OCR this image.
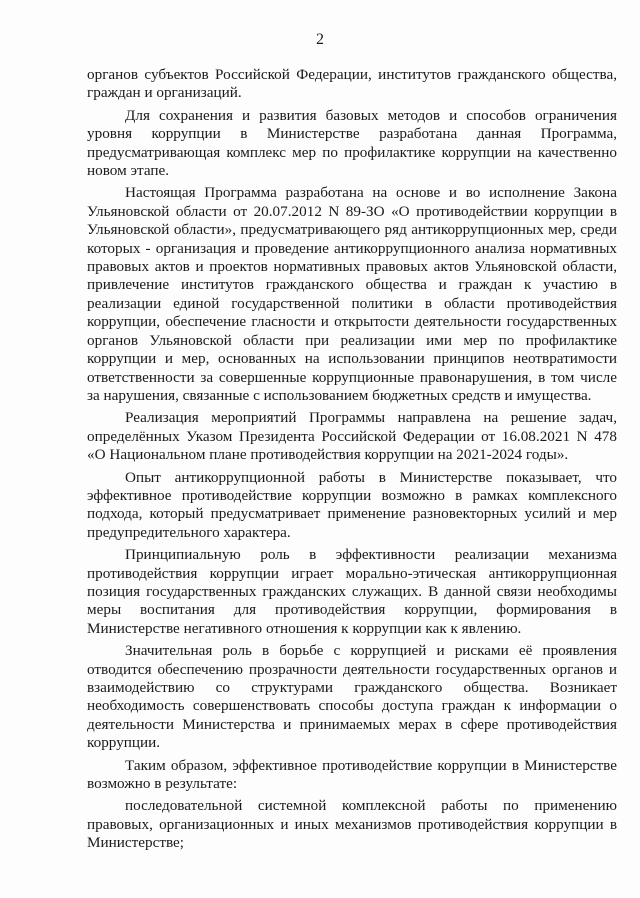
2

органов субъектов Российской Федерации, институтов гражданского общества, граждан и организаций.

Для сохранения и развития базовых методов и способов ограничения уровня коррупции в Министерстве разработана данная Программа, предусматривающая комплекс мер по профилактике коррупции на качественно новом этапе.

Настоящая Программа разработана на основе и во исполнение Закона Ульяновской области от 20.07.2012 N 89-ЗО «О противодействии коррупции в Ульяновской области», предусматривающего ряд антикоррупционных мер, среди которых - организация и проведение антикоррупционного анализа нормативных правовых актов и проектов нормативных правовых актов Ульяновской области, привлечение институтов гражданского общества и граждан к участию в реализации единой государственной политики в области противодействия коррупции, обеспечение гласности и открытости деятельности государственных органов Ульяновской области при реализации ими мер по профилактике коррупции и мер, основанных на использовании принципов неотвратимости ответственности за совершенные коррупционные правонарушения, в том числе за нарушения, связанные с использованием бюджетных средств и имущества.

Реализация мероприятий Программы направлена на решение задач, определённых Указом Президента Российской Федерации от 16.08.2021 N 478 «О Национальном плане противодействия коррупции на 2021-2024 годы».

Опыт антикоррупционной работы в Министерстве показывает, что эффективное противодействие коррупции возможно в рамках комплексного подхода, который предусматривает применение разновекторных усилий и мер предупредительного характера.

Принципиальную роль в эффективности реализации механизма противодействия коррупции играет морально-этическая антикоррупционная позиция государственных гражданских служащих. В данной связи необходимы меры воспитания для противодействия коррупции, формирования в Министерстве негативного отношения к коррупции как к явлению.

Значительная роль в борьбе с коррупцией и рисками её проявления отводится обеспечению прозрачности деятельности государственных органов и взаимодействию со структурами гражданского общества. Возникает необходимость совершенствовать способы доступа граждан к информации о деятельности Министерства и принимаемых мерах в сфере противодействия коррупции.

Таким образом, эффективное противодействие коррупции в Министерстве возможно в результате:

последовательной системной комплексной работы по применению правовых, организационных и иных механизмов противодействия коррупции в Министерстве;
